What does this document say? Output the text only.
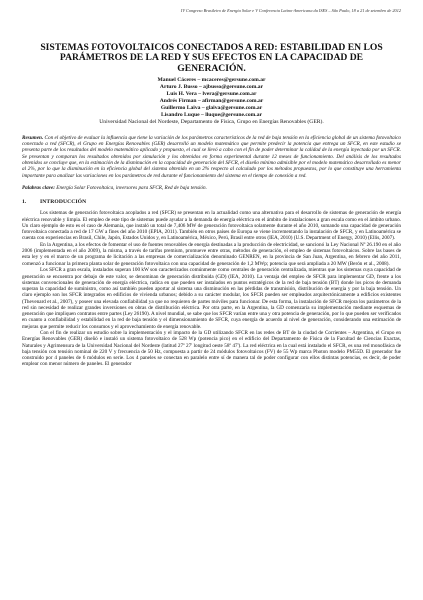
IV Congreso Brasileiro de Energia Solar e V Conferencia Latino-Americana da ISES – São Paulo, 18 a 21 de setembro de 2012
SISTEMAS FOTOVOLTAICOS CONECTADOS A RED: ESTABILIDAD EN LOS PARÁMETROS DE LA RED Y SUS EFECTOS EN LA CAPACIDAD DE GENERACIÓN.
Manuel Cáceres – mcaceres@gersune.com.ar
Arturo J. Busso – ajbusso@gersune.com.ar
Luis H. Vera – lvera@gersune.com.ar
Andrés Firman – afirman@gersune.com.ar
Guillermo Laiva – glaiva@gersune.com.ar
Lisandro Luque – lluque@gersune.com.ar
Universidad Nacional del Nordeste, Departamento de Física, Grupo en Energías Renovables (GER).

Resumen. Con el objetivo de evaluar la influencia que tiene la variación de los parámetros característicos de la red de baja tensión en la eficiencia global de un sistema fotovoltaico conectado a red (SFCR), el Grupo en Energías Renovables (GER) desarrolló un modelo matemático que permite predecir la potencia que entrega un SFCR, en este estudio se presenta parte de los resultados del modelo matemático aplicado y propuesto, el cual se llevó a cabo con el fin de poder determinar la calidad de la energía inyectada por un SFCR. Se presentan y comparan los resultados obtenidos por simulación y los obtenidos en forma experimental durante 12 meses de funcionamiento. Del análisis de los resultados obtenidos se concluye que, en la estimación de la disminución en la capacidad de generación del SFCR, el diseño mínimo admisible por el modelo matemático desarrollado es menor al 2%, por lo que la disminución en la eficiencia global del sistema obtenido en un 2% respecto al calculado por los métodos propuestos, por lo que constituye una herramienta importante para analizar las variaciones en los parámetros de red durante el funcionamiento del sistema en el tiempo de conexión a red.

Palabras clave: Energía Solar Fotovoltaica, inversores para SFCR, Red de baja tensión.
1. INTRODUCCIÓN

Los sistemas de generación fotovoltaica acoplados a red (SFCR) se presentan en la actualidad como una alternativa para el desarrollo de sistemas de generación de energía eléctrica renovable y limpia. El empleo de este tipo de sistemas puede ayudar a la demanda de energía eléctrica en el ámbito de instalaciones a gran escala como en el ámbito urbano. Un claro ejemplo de esto es el caso de Alemania, que instaló un total de 7,406 MW de generación fotovoltaica solamente durante el año 2010, sumando una capacidad de generación fotovoltaica conectada a red de 17 GW a fines del año 2010 (EPIA, 2011). También en otros países de Europa se viene incrementando la instalación de SFCR, y en Latinoamérica se cuenta con experiencias en Brasil, Chile, Japón, Estados Unidos y, en Latinoamérica, México, Perú, Brasil entre otros (IEA, 2010) (U.S. Department of Energy, 2010) (Ellis, 2007).

En la Argentina, a los efectos de fomentar el uso de fuentes renovables de energía destinadas a la producción de electricidad, se sancionó la Ley Nacional Nº 26.190 en el año 2006 (implementada en el año 2009), la misma, a través de tarifas premium, promueve entre otras, métodos de generación, el empleo de sistemas fotovoltaicos. Sobre las bases de esta ley y en el marco de un programa de licitación a las empresas de comercialización denominado GENREN, en la provincia de San Juan, Argentina, en febrero del año 2011, comenzó a funcionar la primera planta solar de generación fotovoltaica con una capacidad de generación de 1,2 MWp; potencia que será ampliada a 20 MW (Berón et al., 2008).

Los SFCR a gran escala, instalados superan 100 kW son caracterizados comúnmente como centrales de generación centralizada, mientras que los sistemas cuya capacidad de generación se encuentra por debajo de este valor, se denominan de generación distribuida (GD) (IEA, 2010). La ventaja del empleo de SFCR para implementar GD, frente a los sistemas convencionales de generación de energía eléctrica, radica en que pueden ser instalados en puntos estratégicos de la red de baja tensión (BT) donde los picos de demanda superan la capacidad de suministro, como así también pueden aportar al sistema una disminución en las pérdidas de transmisión, distribución de energía y por la baja tensión. Un claro ejemplo son los SFCR integrados en edificios de vivienda urbanos; debido a su carácter modular, los SFCR pueden ser empleados arquitectónicamente a edificios existentes (Thevenard et al., 2007), y poseer una elevada confiabilidad ya que no requieren de partes móviles para funcionar. De esta forma, la instalación de SFCR mejora los parámetros de la red sin necesidad de realizar grandes inversiones en obras de distribución eléctrica. Por otra parte, en la Argentina, la GD comenzaría su implementación mediante esquemas de generación que impliquen contratos entre partes (Ley 26190). A nivel mundial, se sabe que los SFCR varían entre una y otra potencia de generación, por lo que pueden ser verificados en cuanto a confiabilidad y estabilidad en la red de baja tensión y el dimensionamiento de SFCR, cuya energía de acuerdo al nivel de generación, considerando una estimación de mejoras que permite reducir los consumos y el aprovechamiento de energía renovable.

Con el fin de realizar un estudio sobre la implementación y el impacto de la GD utilizando SFCR en las redes de BT de la ciudad de Corrientes – Argentina, el Grupo en Energías Renovables (GER) diseñó e instaló un sistema fotovoltaico de 528 Wp (potencia pico) en el edificio del Departamento de Física de la Facultad de Ciencias Exactas, Naturales y Agrimensura de la Universidad Nacional del Nordeste (latitud 27º 27' longitud oeste 58º 47'). La red eléctrica en la cual está instalado el SFCR, es una red monofásica de baja tensión con tensión nominal de 220 V y frecuencia de 50 Hz, compuesta a partir de 24 módulos fotovoltaicos (FV) de 55 Wp marca Photon modelo PM55D. El generador fue construido por 4 paneles de 6 módulos en serie. Los 4 paneles se conectan en paralelo entre sí de manera tal de poder configurar con ellos distintas potencias, es decir, de poder emplear con menor número de paneles. El generador
